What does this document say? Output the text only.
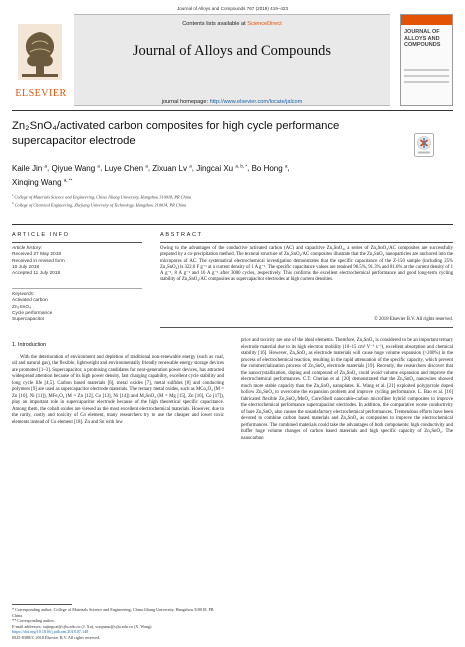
Journal of Alloys and Compounds 767 (2018) 419–423
ELSEVIER
Contents lists available at ScienceDirect
Journal of Alloys and Compounds
journal homepage: http://www.elsevier.com/locate/jalcom
JOURNAL OF ALLOYS AND COMPOUNDS
Zn₂SnO₄/activated carbon composites for high cycle performance supercapacitor electrode
Kaile Jin $^a$, Qiyue Wang $^a$, Luye Chen $^a$, Zixuan Lv $^a$, Jingcai Xu $^{a, b, *}$, Bo Hong $^a$,
Xinqing Wang $^{a, **}$
$^a$ College of Materials Science and Engineering, China Jiliang University, Hangzhou 310018, PR China
$^b$ College of Chemical Engineering, Zhejiang University of Technology, Hangzhou 310014, PR China
ARTICLE INFO	ABSTRACT
Article history:
Received 27 May 2018
Received in revised form
10 July 2018
Accepted 11 July 2018
Keywords:
Activated carbon
Zn₂SnO₄
Cycle performance
Supercapacitor
Owing to the advantages of the conductive activated carbon (AC) and capacitive Zn₂SnO₄, a series of Zn₂SnO₄/AC composites are successfully prepared by a co-precipitation method. The textural structure of Zn₂SnO₄/AC composites illustrate that the Zn₂SnO₄ nanoparticles are anchored into the micropores of AC. The systematical electrochemical investigation demonstrates that the specific capacitance of the Z-150 sample (including 25% Zn₂SnO₄) is 322.6 F g⁻¹ at a current density of 1 A g⁻¹. The specific capacitance values are retained 96.5%, 91.3% and 81.6% at the current density of 1 A g⁻¹, 8 A g⁻¹ and 16 A g⁻¹ after 3000 cycles, respectively. This confirms the excellent electrochemical performance and good long-term cycling stability of Zn₂SnO₄/AC composites as supercapacitor electrodes at high current densities.
© 2018 Elsevier B.V. All rights reserved.
1. Introduction

With the deterioration of environment and depletion of traditional non-renewable energy (such as coal, oil and natural gas), the flexible, lightweight and environmentally friendly renewable energy storage devices are promoted [1–3]. Supercapacitor, a promising candidates for next-generation power devices, has attracted widespread attention because of its high power density, fast charging capability, excellent cycle stability and long cycle life [4,5]. Carbon based materials [6], metal oxides [7], metal sulfides [8] and conducting polymers [9] are used as supercapacitor electrode materials. The ternary metal oxides, such as MCo₂O₄ (M = Zn [10], Ni [11]), MFe₂O₄ (M = Zn [12], Co [13], Ni [14]) and M₂SnO₄ (M = Mg [15], Zn [16], Co [17]), play an important role in supercapacitor electrode because of the high theoretical specific capacitance. Among them, the cobalt oxides are viewed as the most excellent electrochemical materials. However, due to the rarity, costly and toxicity of Co element, many researchers try to use the cheaper and lower toxic elements instead of Co element [18]. Zn and Sn with low

price and toxicity are one of the ideal elements. Therefore, Zn₂SnO₄ is considered to be an important ternary electrode material due to its high electron mobility (10–15 cm² V⁻¹ s⁻¹), excellent absorption and chemical stability [16]. However, Zn₂SnO₄ as electrode materials will cause huge volume expansion (>200%) in the process of electrochemical reaction, resulting in the rapid attenuation of the specific capacity, which prevent the commercialization process of Zn₂SnO₄ electrode materials [19]. Recently, the researchers discover that the nanocrystallization, doping and compound of Zn₂SnO₄ could avoid volume expansion and improve the electrochemical performances. C.T. Cherian et al. [20] demonstrated that the Zn₂SnO₄ nanowires showed much more stable capacity than the Zn₂SnO₄ nanoplates. K. Wang et al. [21] exploited polypyrrole doped hollow Zn₂SnO₄ to overcome the expansion problem and improve cycling performance. L. Bao et al. [16] fabricated flexible Zn₂SnO₄/MnO₂ Core/Shell nanocable-carbon microfiber hybrid composites to improve the electrochemical performance supercapacitor electrodes. In addition, the comparative worse conductivity of bare Zn₂SnO₄ also causes the unsatisfactory electrochemical performances. Tremendous efforts have been devoted to combine carbon based materials and Zn₂SnO₄ as composites to improve the electrochemical performances. The combined materials could take the advantages of both components: high conductivity and buffer huge volume changes of carbon based materials and high specific capacity of Zn₂SnO₄. The nanocarbon

* Corresponding author. College of Materials Science and Engineering, China Jiliang University, Hangzhou 310018, PR China.
** Corresponding author.
E-mail addresses: xujingcai@cjlu.edu.cn (J. Xu), wxqnano@cjlu.edu.cn (X. Wang).
https://doi.org/10.1016/j.jallcom.2018.07.140
0925-8388/© 2018 Elsevier B.V. All rights reserved.
